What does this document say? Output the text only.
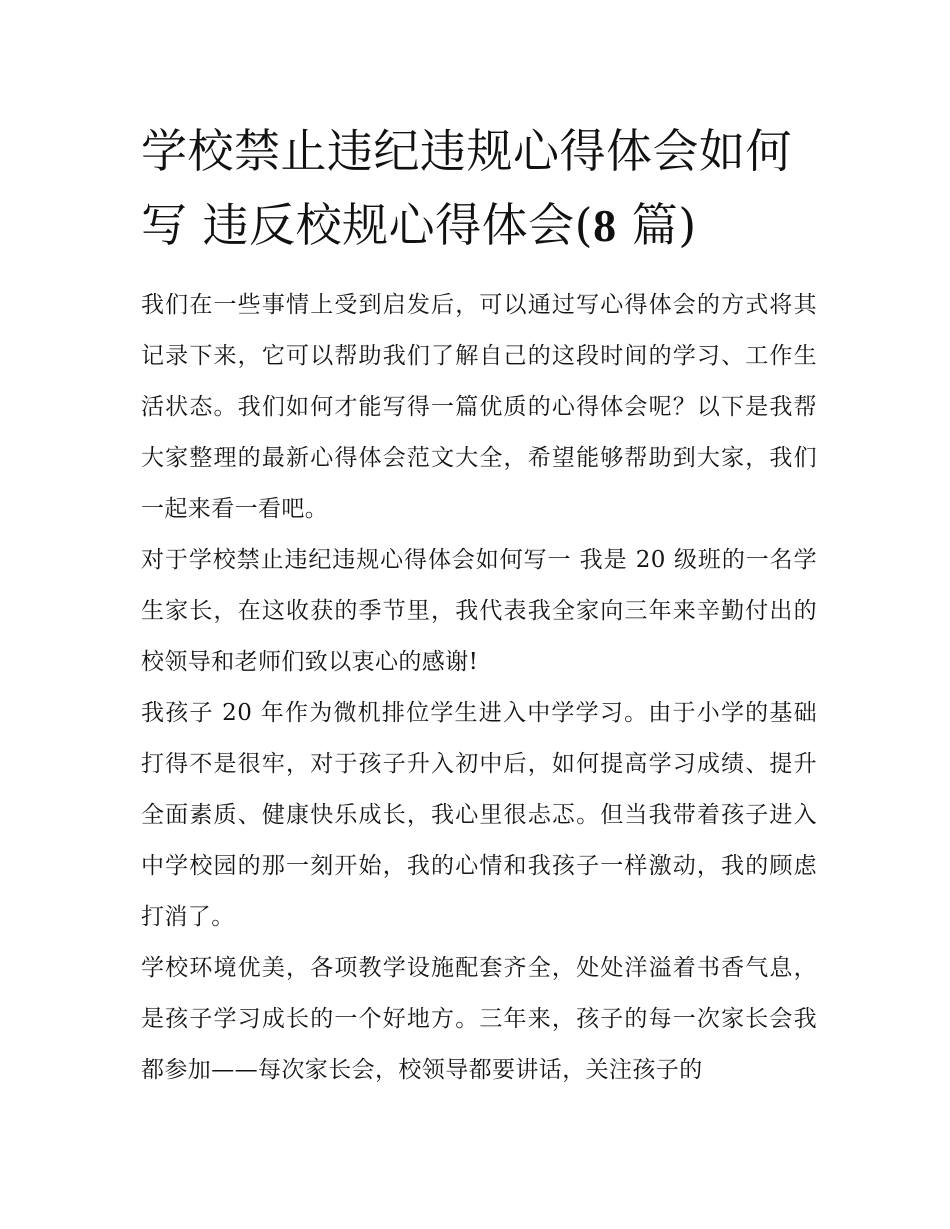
学校禁止违纪违规心得体会如何写 违反校规心得体会(8 篇)

我们在一些事情上受到启发后，可以通过写心得体会的方式将其记录下来，它可以帮助我们了解自己的这段时间的学习、工作生活状态。我们如何才能写得一篇优质的心得体会呢？以下是我帮大家整理的最新心得体会范文大全，希望能够帮助到大家，我们一起来看一看吧。

对于学校禁止违纪违规心得体会如何写一 我是 20 级班的一名学生家长，在这收获的季节里，我代表我全家向三年来辛勤付出的校领导和老师们致以衷心的感谢!

我孩子 20 年作为微机排位学生进入中学学习。由于小学的基础打得不是很牢，对于孩子升入初中后，如何提高学习成绩、提升全面素质、健康快乐成长，我心里很忐忑。但当我带着孩子进入中学校园的那一刻开始，我的心情和我孩子一样激动，我的顾虑打消了。

学校环境优美，各项教学设施配套齐全，处处洋溢着书香气息，是孩子学习成长的一个好地方。三年来，孩子的每一次家长会我都参加——每次家长会，校领导都要讲话，关注孩子的
